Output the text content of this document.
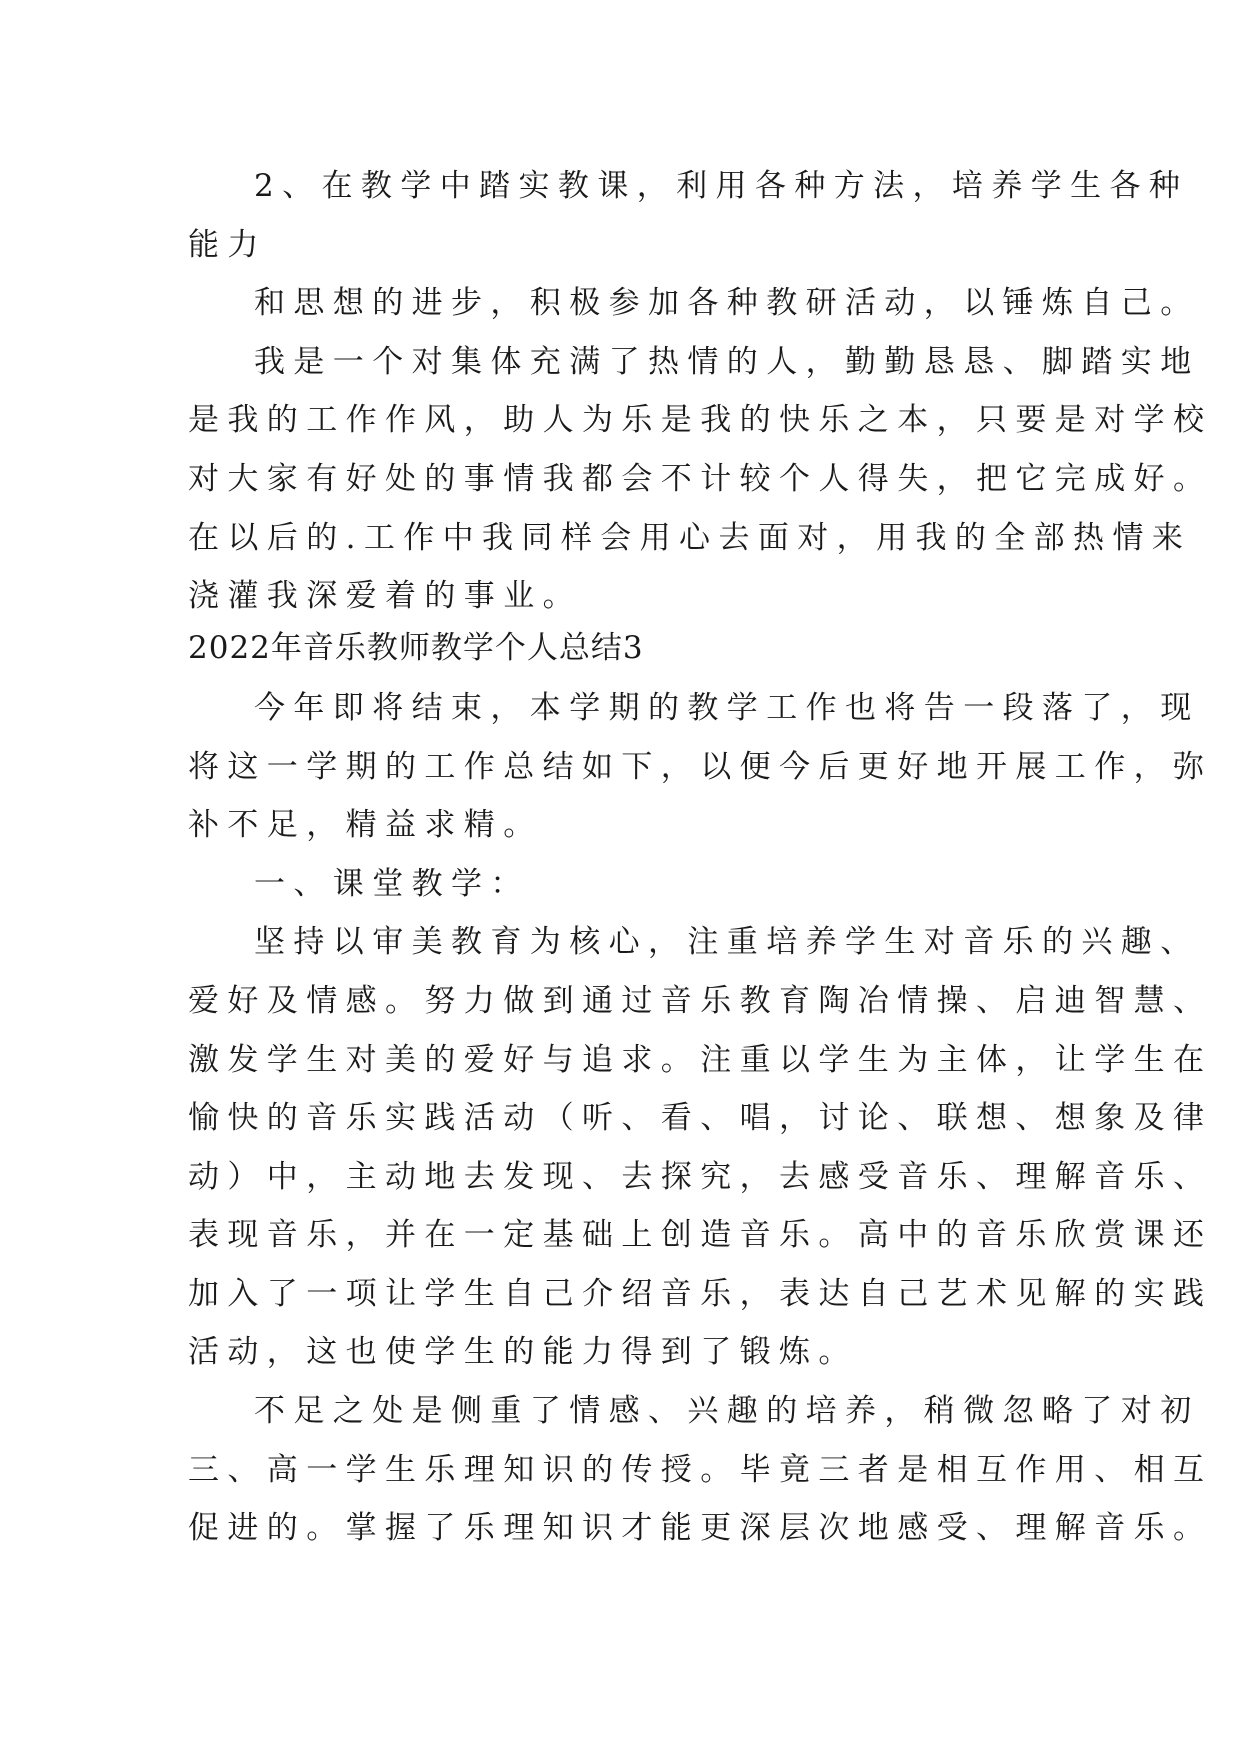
2、在教学中踏实教课，利用各种方法，培养学生各种
能力
和思想的进步，积极参加各种教研活动，以锤炼自己。
我是一个对集体充满了热情的人，勤勤恳恳、脚踏实地
是我的工作作风，助人为乐是我的快乐之本，只要是对学校
对大家有好处的事情我都会不计较个人得失，把它完成好。
在以后的.工作中我同样会用心去面对，用我的全部热情来
浇灌我深爱着的事业。
2022年音乐教师教学个人总结3
今年即将结束，本学期的教学工作也将告一段落了，现
将这一学期的工作总结如下，以便今后更好地开展工作，弥
补不足，精益求精。
一、课堂教学：
坚持以审美教育为核心，注重培养学生对音乐的兴趣、
爱好及情感。努力做到通过音乐教育陶冶情操、启迪智慧、
激发学生对美的爱好与追求。注重以学生为主体，让学生在
愉快的音乐实践活动（听、看、唱，讨论、联想、想象及律
动）中，主动地去发现、去探究，去感受音乐、理解音乐、
表现音乐，并在一定基础上创造音乐。高中的音乐欣赏课还
加入了一项让学生自己介绍音乐，表达自己艺术见解的实践
活动，这也使学生的能力得到了锻炼。
不足之处是侧重了情感、兴趣的培养，稍微忽略了对初
三、高一学生乐理知识的传授。毕竟三者是相互作用、相互
促进的。掌握了乐理知识才能更深层次地感受、理解音乐。
